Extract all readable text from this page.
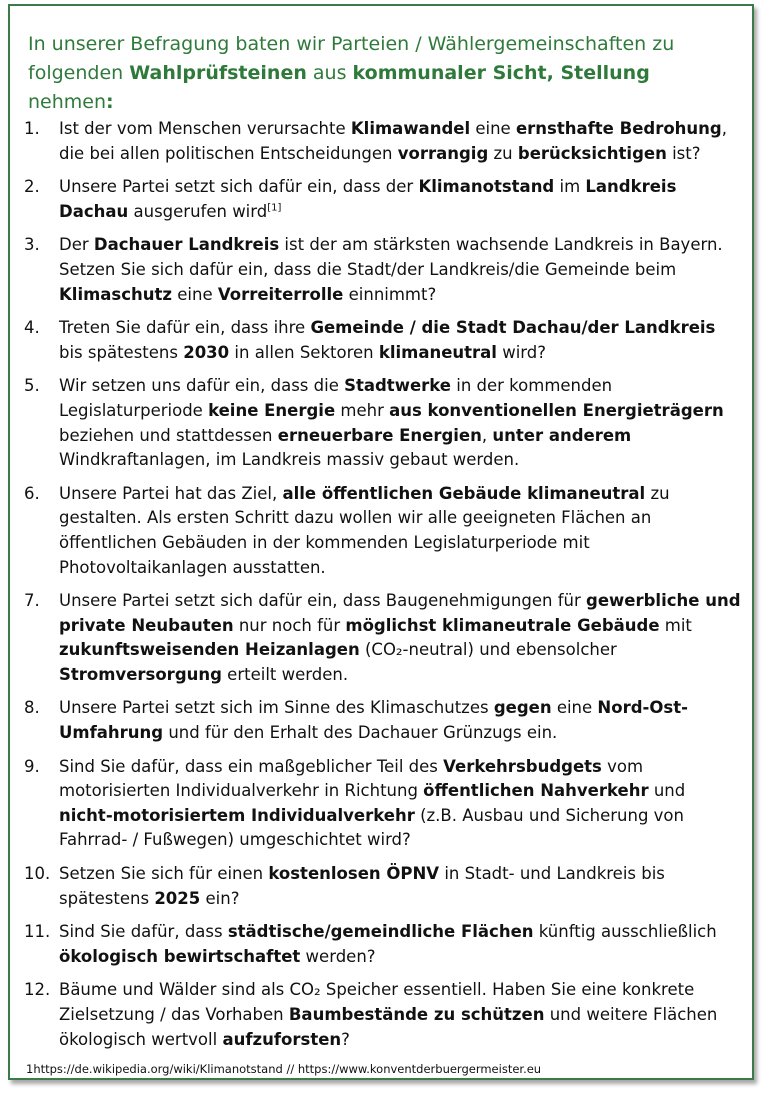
In unserer Befragung baten wir Parteien / Wählergemeinschaften zu folgenden Wahlprüfsteinen aus kommunaler Sicht, Stellung nehmen:
1. Ist der vom Menschen verursachte Klimawandel eine ernsthafte Bedrohung, die bei allen politischen Entscheidungen vorrangig zu berücksichtigen ist?
2. Unsere Partei setzt sich dafür ein, dass der Klimanotstand im Landkreis Dachau ausgerufen wird[1]
3. Der Dachauer Landkreis ist der am stärksten wachsende Landkreis in Bayern. Setzen Sie sich dafür ein, dass die Stadt/der Landkreis/die Gemeinde beim Klimaschutz eine Vorreiterrolle einnimmt?
4. Treten Sie dafür ein, dass ihre Gemeinde / die Stadt Dachau/der Landkreis bis spätestens 2030 in allen Sektoren klimaneutral wird?
5. Wir setzen uns dafür ein, dass die Stadtwerke in der kommenden Legislaturperiode keine Energie mehr aus konventionellen Energieträgern beziehen und stattdessen erneuerbare Energien, unter anderem Windkraftanlagen, im Landkreis massiv gebaut werden.
6. Unsere Partei hat das Ziel, alle öffentlichen Gebäude klimaneutral zu gestalten. Als ersten Schritt dazu wollen wir alle geeigneten Flächen an öffentlichen Gebäuden in der kommenden Legislaturperiode mit Photovoltaikanlagen ausstatten.
7. Unsere Partei setzt sich dafür ein, dass Baugenehmigungen für gewerbliche und private Neubauten nur noch für möglichst klimaneutrale Gebäude mit zukunftsweisenden Heizanlagen (CO₂-neutral) und ebensolcher Stromversorgung erteilt werden.
8. Unsere Partei setzt sich im Sinne des Klimaschutzes gegen eine Nord-Ost-Umfahrung und für den Erhalt des Dachauer Grünzugs ein.
9. Sind Sie dafür, dass ein maßgeblicher Teil des Verkehrsbudgets vom motorisierten Individualverkehr in Richtung öffentlichen Nahverkehr und nicht-motorisiertem Individualverkehr (z.B. Ausbau und Sicherung von Fahrrad- / Fußwegen) umgeschichtet wird?
10. Setzen Sie sich für einen kostenlosen ÖPNV in Stadt- und Landkreis bis spätestens 2025 ein?
11. Sind Sie dafür, dass städtische/gemeindliche Flächen künftig ausschließlich ökologisch bewirtschaftet werden?
12. Bäume und Wälder sind als CO₂ Speicher essentiell. Haben Sie eine konkrete Zielsetzung / das Vorhaben Baumbestände zu schützen und weitere Flächen ökologisch wertvoll aufzuforsten?
1https://de.wikipedia.org/wiki/Klimanotstand // https://www.konventderbuergermeister.eu
